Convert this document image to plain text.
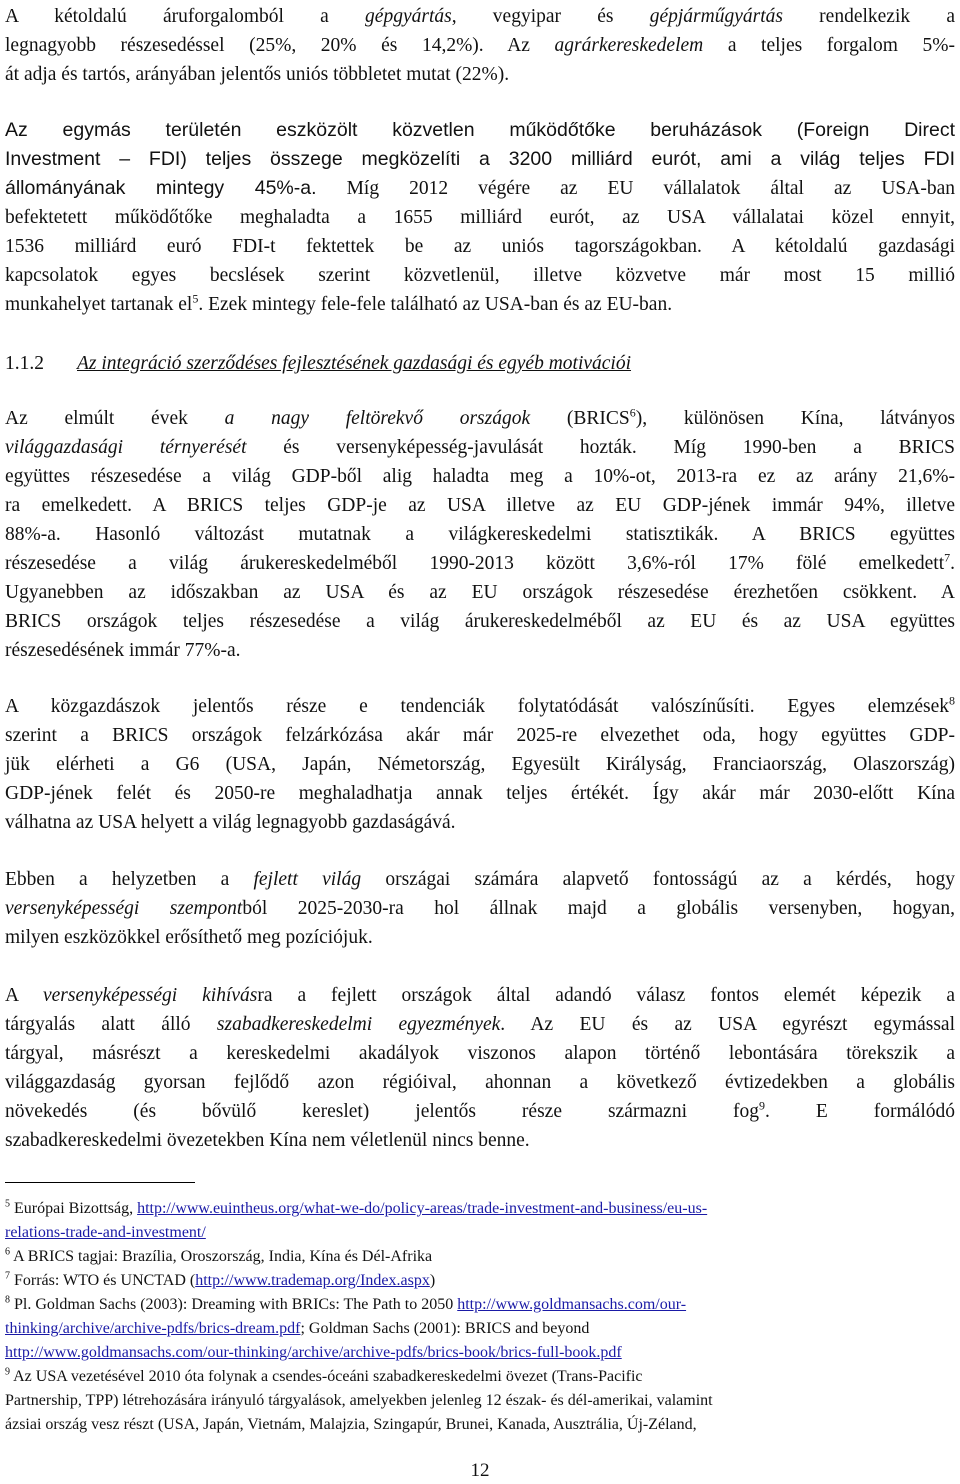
A kétoldalú áruforgalomból a gépgyártás, vegyipar és gépjárműgyártás rendelkezik a
legnagyobb részesedéssel (25%, 20% és 14,2%). Az agrárkereskedelem a teljes forgalom 5%-
át adja és tartós, arányában jelentős uniós többletet mutat (22%).
Az egymás területén eszközölt közvetlen működőtőke beruházások (Foreign Direct
Investment – FDI) teljes összege megközelíti a 3200 milliárd eurót, ami a világ teljes FDI
állományának mintegy 45%-a. Míg 2012 végére az EU vállalatok által az USA-ban
befektetett működőtőke meghaladta a 1655 milliárd eurót, az USA vállalatai közel ennyit,
1536 milliárd euró FDI-t fektettek be az uniós tagországokban. A kétoldalú gazdasági
kapcsolatok egyes becslések szerint közvetlenül, illetve közvetve már most 15 millió
munkahelyet tartanak $el^5$. Ezek mintegy fele-fele található az USA-ban és az EU-ban.
1.1.2 Az integráció szerződéses fejlesztésének gazdasági és egyéb motivációi
Az elmúlt évek a nagy feltörekvő országok (BRICS$^6$), különösen Kína, látványos
világgazdasági térnyerését és versenyképesség-javulását hozták. Míg 1990-ben a BRICS
együttes részesedése a világ GDP-ből alig haladta meg a 10%-ot, 2013-ra ez az arány 21,6%-
ra emelkedett. A BRICS teljes GDP-je az USA illetve az EU GDP-jének immár 94%, illetve
88%-a. Hasonló változást mutatnak a világkereskedelmi statisztikák. A BRICS együttes
részesedése a világ árukereskedelméből 1990-2013 között 3,6%-ról 17% fölé emelkedett$^7$.
Ugyanebben az időszakban az USA és az EU országok részesedése érezhetően csökkent. A
BRICS országok teljes részesedése a világ árukereskedelméből az EU és az USA együttes
részesedésének immár 77%-a.
A közgazdászok jelentős része e tendenciák folytatódását valószínűsíti. Egyes elemzések$^8$
szerint a BRICS országok felzárkózása akár már 2025-re elvezethet oda, hogy együttes GDP-
jük elérheti a G6 (USA, Japán, Németország, Egyesült Királyság, Franciaország, Olaszország)
GDP-jének felét és 2050-re meghaladhatja annak teljes értékét. Így akár már 2030-előtt Kína
válhatna az USA helyett a világ legnagyobb gazdaságává.
Ebben a helyzetben a fejlett világ országai számára alapvető fontosságú az a kérdés, hogy
versenyképességi szempontból 2025-2030-ra hol állnak majd a globális versenyben, hogyan,
milyen eszközökkel erősíthető meg pozíciójuk.
A versenyképességi kihívásra a fejlett országok által adandó válasz fontos elemét képezik a
tárgyalás alatt álló szabadkereskedelmi egyezmények. Az EU és az USA egyrészt egymással
tárgyal, másrészt a kereskedelmi akadályok viszonos alapon történő lebontására törekszik a
világgazdaság gyorsan fejlődő azon régióival, ahonnan a következő évtizedekben a globális
növekedés (és bővülő kereslet) jelentős része származni fog$^9$. E formálódó
szabadkereskedelmi övezetekben Kína nem véletlenül nincs benne.
$^5$ Európai Bizottság, http://www.euintheus.org/what-we-do/policy-areas/trade-investment-and-business/eu-us-
relations-trade-and-investment/
$^6$ A BRICS tagjai: Brazília, Oroszország, India, Kína és Dél-Afrika
$^7$ Forrás: WTO és UNCTAD (http://www.trademap.org/Index.aspx)
$^8$ Pl. Goldman Sachs (2003): Dreaming with BRICs: The Path to 2050 http://www.goldmansachs.com/our-
thinking/archive/archive-pdfs/brics-dream.pdf; Goldman Sachs (2001): BRICS and beyond
http://www.goldmansachs.com/our-thinking/archive/archive-pdfs/brics-book/brics-full-book.pdf
$^9$ Az USA vezetésével 2010 óta folynak a csendes-óceáni szabadkereskedelmi övezet (Trans-Pacific
Partnership, TPP) létrehozására irányuló tárgyalások, amelyekben jelenleg 12 észak- és dél-amerikai, valamint
ázsiai ország vesz részt (USA, Japán, Vietnám, Malajzia, Szingapúr, Brunei, Kanada, Ausztrália, Új-Zéland,
12
